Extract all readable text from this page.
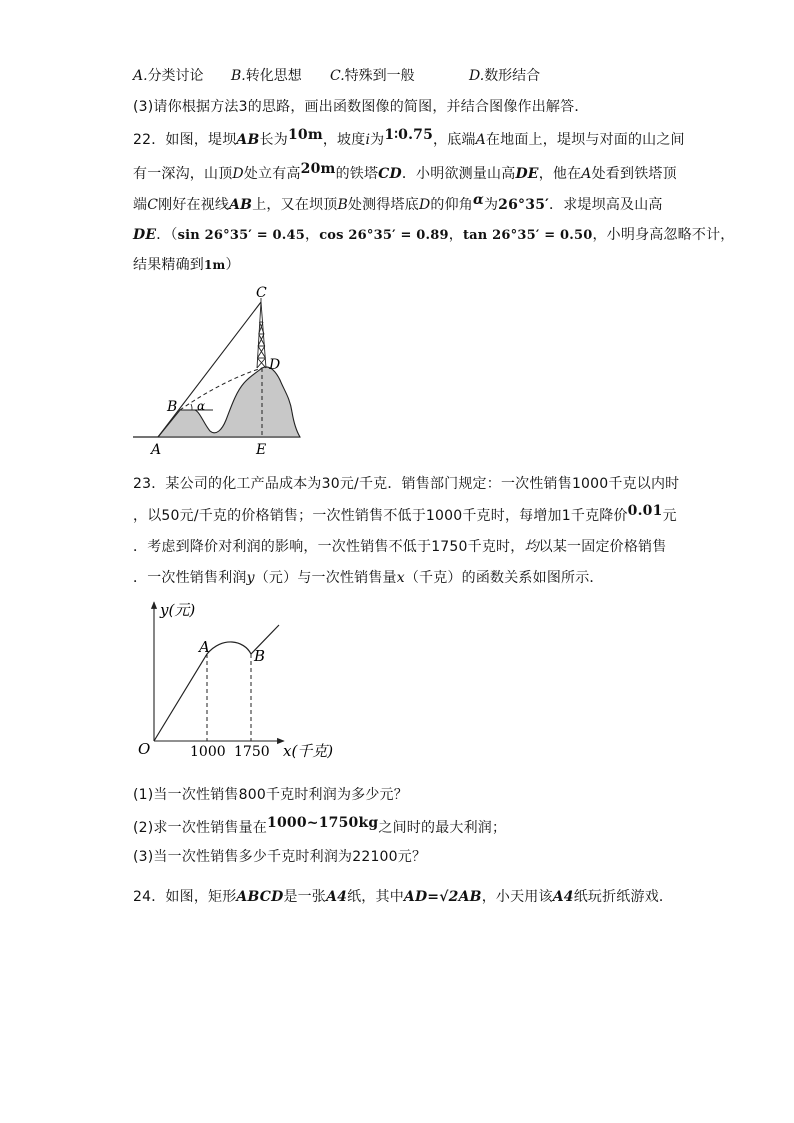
A.分类讨论 B.转化思想 C.特殊到一般	D.数形结合
(3)请你根据方法3的思路，画出函数图像的简图，并结合图像作出解答．
22．如图，堤坝AB长为10m，坡度i为1∶0.75，底端A在地面上，堤坝与对面的山之间
有一深沟，山顶D处立有高20m的铁塔CD．小明欲测量山高DE，他在A处看到铁塔顶
端C刚好在视线AB上，又在坝顶B处测得塔底D的仰角α为26°35′．求堤坝高及山高
DE．（sin 26°35′ = 0.45，cos 26°35′ = 0.89，tan 26°35′ = 0.50，小明身高忽略不计，
结果精确到1m）
C
D
B α
A	E
23．某公司的化工产品成本为30元/千克．销售部门规定：一次性销售1000千克以内时
，以50元/千克的价格销售；一次性销售不低于1000千克时，每增加1千克降价0.01元
．考虑到降价对利润的影响，一次性销售不低于1750千克时，均以某一固定价格销售
．一次性销售利润y（元）与一次性销售量x（千克）的函数关系如图所示．
y(元)
x(千克)
O
A	B
1000 1750
(1)当一次性销售800千克时利润为多少元？
(2)求一次性销售量在1000~1750kg之间时的最大利润；
(3)当一次性销售多少千克时利润为22100元？
24．如图，矩形ABCD是一张A4纸，其中AD=√2AB，小天用该A4纸玩折纸游戏．
